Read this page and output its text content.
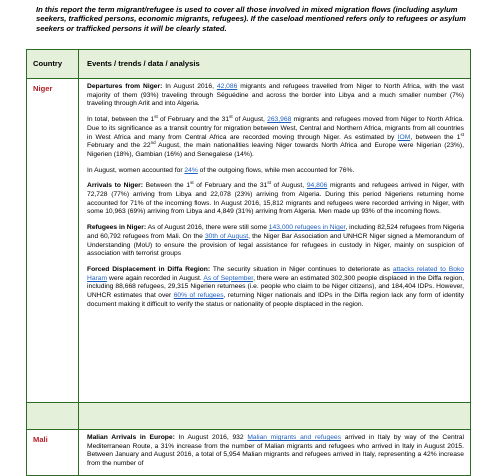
In this report the term migrant/refugee is used to cover all those involved in mixed migration flows (including asylum seekers, trafficked persons, economic migrants, refugees). If the caseload mentioned refers only to refugees or asylum seekers or trafficked persons it will be clearly stated.
Country	Events / trends / data / analysis
Niger	Departures from Niger: In August 2016, 42,086 migrants and refugees travelled from Niger to North Africa, with the vast majority of them (93%) traveling through Séguédine and across the border into Libya and a much smaller number (7%) traveling through Arlit and into Algeria.

In total, between the 1st of February and the 31st of August, 263,968 migrants and refugees moved from Niger to North Africa. Due to its significance as a transit country for migration between West, Central and Northern Africa, migrants from all countries in West Africa and many from Central Africa are recorded moving through Niger. As estimated by IOM, between the 1st February and the 22nd August, the main nationalities leaving Niger towards North Africa and Europe were Nigerian (23%), Nigerien (18%), Gambian (16%) and Senegalese (14%).

In August, women accounted for 24% of the outgoing flows, while men accounted for 76%.

Arrivals to Niger: Between the 1st of February and the 31st of August, 94,806 migrants and refugees arrived in Niger, with 72,728 (77%) arriving from Libya and 22,078 (23%) arriving from Algeria. During this period Nigeriens returning home accounted for 71% of the incoming flows. In August 2016, 15,812 migrants and refugees were recorded arriving in Niger, with some 10,963 (69%) arriving from Libya and 4,849 (31%) arriving from Algeria. Men made up 93% of the incoming flows.

Refugees in Niger: As of August 2016, there were still some 143,000 refugees in Niger, including 82,524 refugees from Nigeria and 60,792 refugees from Mali. On the 30th of August, the Niger Bar Association and UNHCR Niger signed a Memorandum of Understanding (MoU) to ensure the provision of legal assistance for refugees in custody in Niger, mainly on suspicion of association with terrorist groups

Forced Displacement in Diffa Region: The security situation in Niger continues to deteriorate as attacks related to Boko Haram were again recorded in August. As of September, there were an estimated 302,300 people displaced in the Diffa region, including 88,668 refugees, 29,315 Nigerien returnees (i.e. people who claim to be Niger citizens), and 184,404 IDPs. However, UNHCR estimates that over 60% of refugees, returning Niger nationals and IDPs in the Diffa region lack any form of identity document making it difficult to verify the status or nationality of people displaced in the region.

Mali	Malian Arrivals in Europe: In August 2016, 932 Malian migrants and refugees arrived in Italy by way of the Central Mediterranean Route, a 31% increase from the number of Malian migrants and refugees who arrived in Italy in August 2015. Between January and August 2016, a total of 5,954 Malian migrants and refugees arrived in Italy, representing a 42% increase from the number of
